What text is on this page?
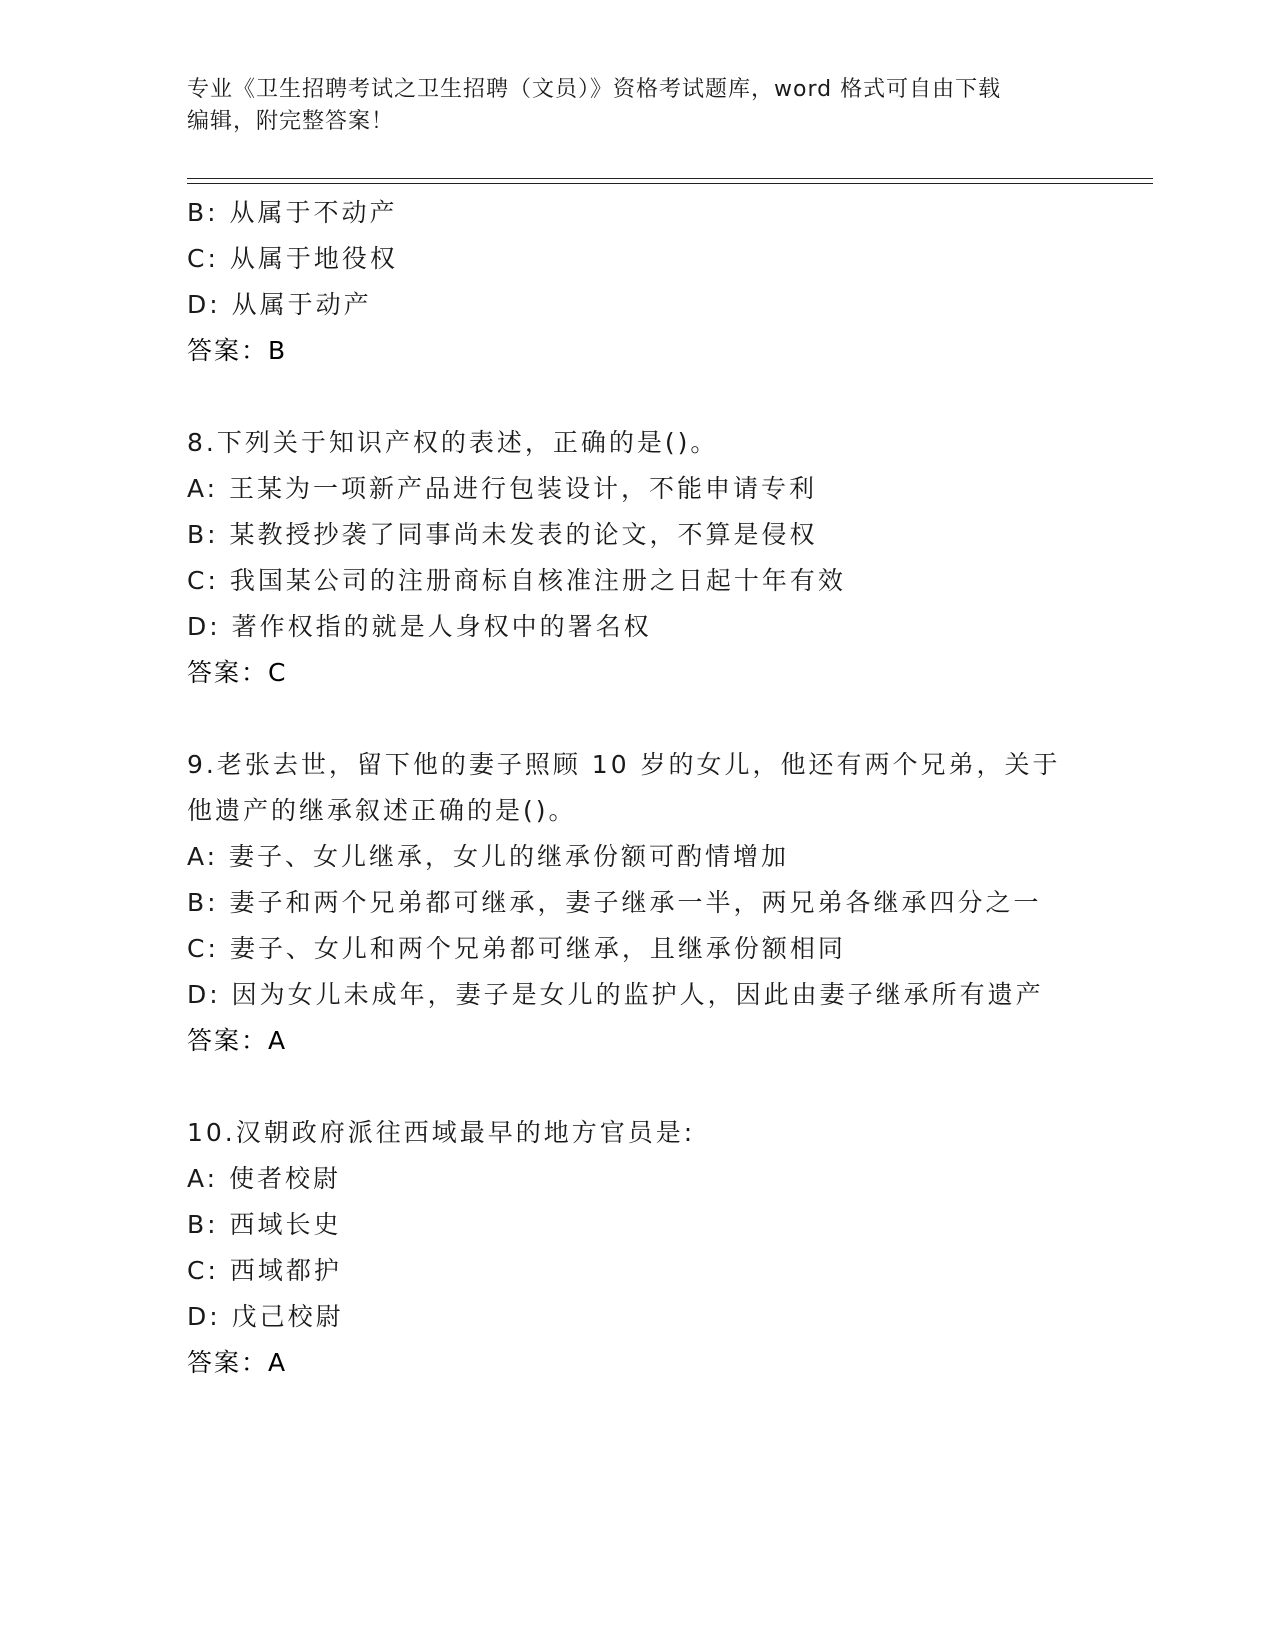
专业《卫生招聘考试之卫生招聘（文员）》资格考试题库，word 格式可自由下载
编辑，附完整答案！
B: 从属于不动产
C: 从属于地役权
D: 从属于动产
答案：B
8.下列关于知识产权的表述，正确的是()。
A: 王某为一项新产品进行包装设计，不能申请专利
B: 某教授抄袭了同事尚未发表的论文，不算是侵权
C: 我国某公司的注册商标自核准注册之日起十年有效
D: 著作权指的就是人身权中的署名权
答案：C
9.老张去世，留下他的妻子照顾 10 岁的女儿，他还有两个兄弟，关于
他遗产的继承叙述正确的是()。
A: 妻子、女儿继承，女儿的继承份额可酌情增加
B: 妻子和两个兄弟都可继承，妻子继承一半，两兄弟各继承四分之一
C: 妻子、女儿和两个兄弟都可继承，且继承份额相同
D: 因为女儿未成年，妻子是女儿的监护人，因此由妻子继承所有遗产
答案：A
10.汉朝政府派往西域最早的地方官员是:
A: 使者校尉
B: 西域长史
C: 西域都护
D: 戊己校尉
答案：A
